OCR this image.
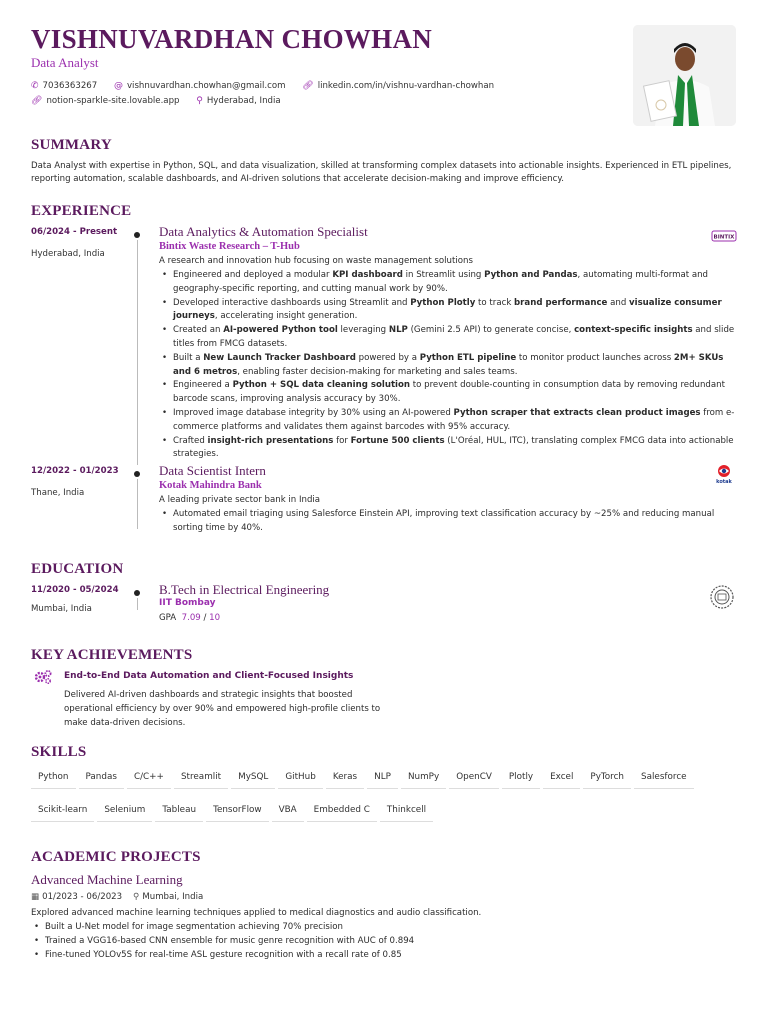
VISHNUVARDHAN CHOWHAN
Data Analyst
✆ 7036363267 @ vishnuvardhan.chowhan@gmail.com 🔗︎ linkedin.com/in/vishnu-vardhan-chowhan
🔗︎ notion-sparkle-site.lovable.app ⚲ Hyderabad, India
SUMMARY
Data Analyst with expertise in Python, SQL, and data visualization, skilled at transforming complex datasets into actionable insights. Experienced in ETL pipelines, reporting automation, scalable dashboards, and AI-driven solutions that accelerate decision-making and improve efficiency.
EXPERIENCE
06/2024 - Present
Hyderabad, India
Data Analytics & Automation Specialist
Bintix Waste Research – T-Hub
A research and innovation hub focusing on waste management solutions
• Engineered and deployed a modular KPI dashboard in Streamlit using Python and Pandas, automating multi-format and geography-specific reporting, and cutting manual work by 90%.
• Developed interactive dashboards using Streamlit and Python Plotly to track brand performance and visualize consumer journeys, accelerating insight generation.
• Created an AI-powered Python tool leveraging NLP (Gemini 2.5 API) to generate concise, context-specific insights and slide titles from FMCG datasets.
• Built a New Launch Tracker Dashboard powered by a Python ETL pipeline to monitor product launches across 2M+ SKUs and 6 metros, enabling faster decision-making for marketing and sales teams.
• Engineered a Python + SQL data cleaning solution to prevent double-counting in consumption data by removing redundant barcode scans, improving analysis accuracy by 30%.
• Improved image database integrity by 30% using an AI-powered Python scraper that extracts clean product images from e-commerce platforms and validates them against barcodes with 95% accuracy.
• Crafted insight-rich presentations for Fortune 500 clients (L'Oréal, HUL, ITC), translating complex FMCG data into actionable strategies.
BINTIX
12/2022 - 01/2023
Thane, India
Data Scientist Intern
Kotak Mahindra Bank
A leading private sector bank in India
• Automated email triaging using Salesforce Einstein API, improving text classification accuracy by ~25% and reducing manual sorting time by 40%.
kotak
EDUCATION
11/2020 - 05/2024
Mumbai, India
B.Tech in Electrical Engineering
IIT Bombay
GPA 7.09 / 10
KEY ACHIEVEMENTS
End-to-End Data Automation and Client-Focused Insights
Delivered AI-driven dashboards and strategic insights that boosted operational efficiency by over 90% and empowered high-profile clients to make data-driven decisions.
SKILLS
Python Pandas C/C++ Streamlit MySQL GitHub Keras NLP NumPy OpenCV Plotly Excel PyTorch SalesforceScikit-learn Selenium Tableau TensorFlow VBA Embedded C Thinkcell
ACADEMIC PROJECTS
Advanced Machine Learning
▦ 01/2023 - 06/2023 ⚲ Mumbai, India
Explored advanced machine learning techniques applied to medical diagnostics and audio classification.
• Built a U-Net model for image segmentation achieving 70% precision
• Trained a VGG16-based CNN ensemble for music genre recognition with AUC of 0.894
• Fine-tuned YOLOv5S for real-time ASL gesture recognition with a recall rate of 0.85
